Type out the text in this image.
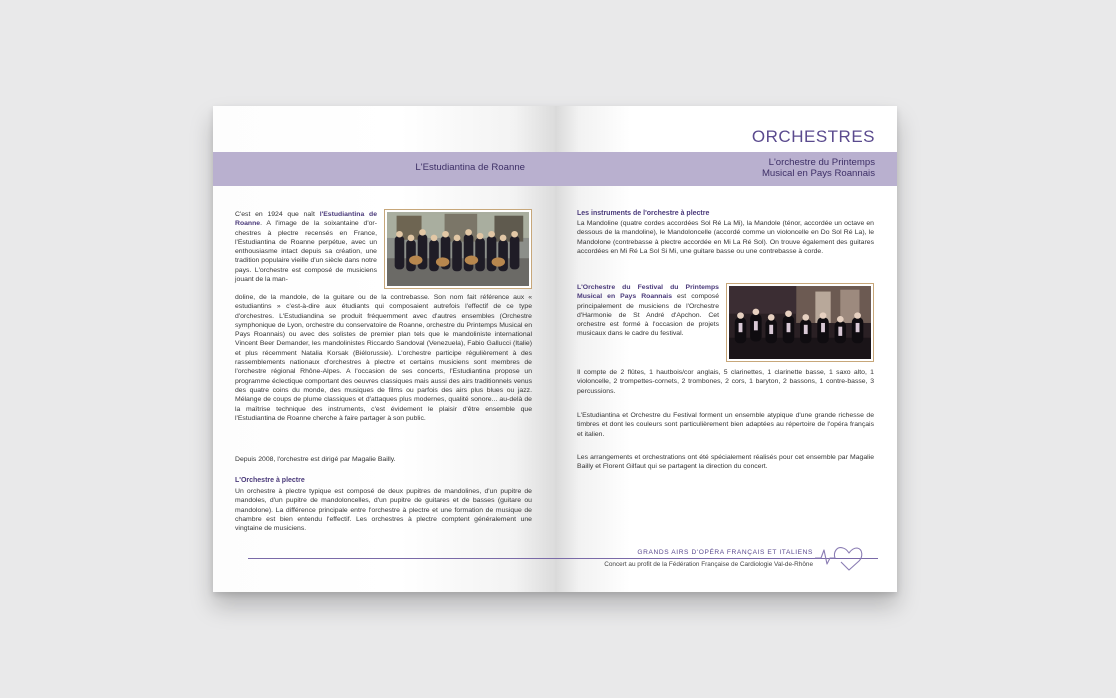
L'Estudiantina de Roanne
C'est en 1924 que naît l'Estudiantina de Roanne. A l'image de la soixantaine d'orchestres à plectre recensés en France, l'Estudiantina de Roanne perpétue, avec un enthousiasme intact depuis sa création, une tradition populaire vieille d'un siècle dans notre pays. L'orchestre est composé de musiciens jouant de la man-
doline, de la mandole, de la guitare ou de la contrebasse. Son nom fait référence aux « estudiantins » c'est-à-dire aux étudiants qui composaient autrefois l'effectif de ce type d'orchestres. L'Estudiandina se produit fréquemment avec d'autres ensembles (Orchestre symphonique de Lyon, orchestre du conservatoire de Roanne, orchestre du Printemps Musical en Pays Roannais) ou avec des solistes de premier plan tels que le mandoliniste international Vincent Beer Demander, les mandolinistes Riccardo Sandoval (Venezuela), Fabio Gallucci (Italie) et plus récemment Natalia Korsak (Biélorussie). L'orchestre participe régulièrement à des rassemblements nationaux d'orchestres à plectre et certains musiciens sont membres de l'orchestre régional Rhône-Alpes. A l'occasion de ses concerts, l'Estudiantina propose un programme éclectique comportant des oeuvres classiques mais aussi des airs traditionnels venus des quatre coins du monde, des musiques de films ou parfois des airs plus blues ou jazz. Mélange de coups de plume classiques et d'attaques plus modernes, qualité sonore... au-delà de la maîtrise technique des instruments, c'est évidement le plaisir d'être ensemble que l'Estudiantina de Roanne cherche à faire partager à son public.
Depuis 2008, l'orchestre est dirigé par Magalie Bailly.
L'Orchestre à plectre
Un orchestre à plectre typique est composé de deux pupitres de mandolines, d'un pupitre de mandoles, d'un pupitre de mandoloncelles, d'un pupitre de guitares et de basses (guitare ou mandolone). La différence principale entre l'orchestre à plectre et une formation de musique de chambre est bien entendu l'effectif. Les orchestres à plectre comptent généralement une vingtaine de musiciens.
ORCHESTRES
L'orchestre du Printemps
Musical en Pays Roannais
Les instruments de l'orchestre à plectre
La Mandoline (quatre cordes accordées Sol Ré La Mi), la Mandole (ténor, accordée un octave en dessous de la mandoline), le Mandoloncelle (accordé comme un violoncelle en Do Sol Ré La), le Mandolone (contrebasse à plectre accordée en Mi La Ré Sol). On trouve également des guitares accordées en Mi Ré La Sol Si Mi, une guitare basse ou une contrebasse à corde.
L'Orchestre du Festival du Printemps Musical en Pays Roannais est composé principalement de musiciens de l'Orchestre d'Harmonie de St André d'Apchon. Cet orchestre est formé à l'occasion de projets musicaux dans le cadre du festival.
Il compte de 2 flûtes, 1 hautbois/cor anglais, 5 clarinettes, 1 clarinette basse, 1 saxo alto, 1 violoncelle, 2 trompettes-cornets, 2 trombones, 2 cors, 1 baryton, 2 bassons, 1 contre-basse, 3 percussions.
L'Estudiantina et Orchestre du Festival forment un ensemble atypique d'une grande richesse de timbres et dont les couleurs sont particulièrement bien adaptées au répertoire de l'opéra français et italien.
Les arrangements et orchestrations ont été spécialement réalisés pour cet ensemble par Magalie Bailly et Florent Gilfaut qui se partagent la direction du concert.
GRANDS AIRS D'OPÉRA FRANÇAIS ET ITALIENS
Concert au profit de la Fédération Française de Cardiologie Val-de-Rhône
